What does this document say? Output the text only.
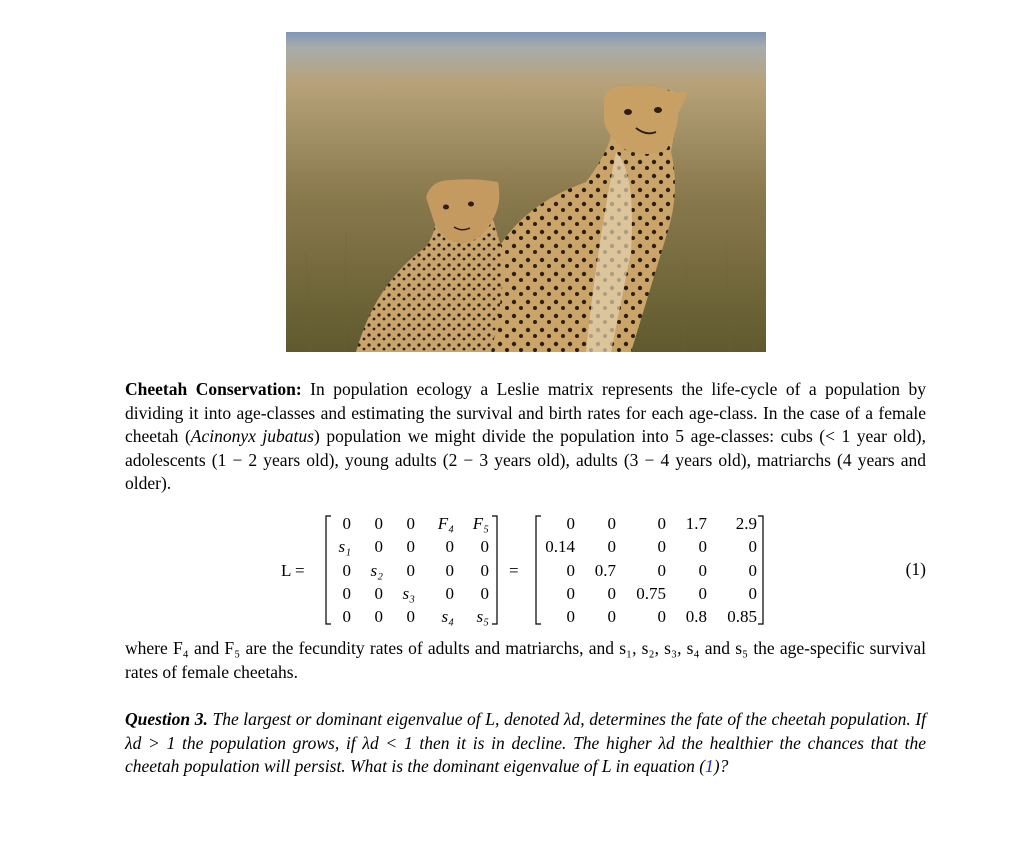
Cheetah Conservation: In population ecology a Leslie matrix represents the life-cycle of a population by dividing it into age-classes and estimating the survival and birth rates for each age-class. In the case of a female cheetah (Acinonyx jubatus) population we might divide the population into 5 age-classes: cubs (< 1 year old), adolescents (1 − 2 years old), young adults (2 − 3 years old), adults (3 − 4 years old), matriarchs (4 years and older).
L =
0 0 0 F₄ F₅
s₁ 0 0 0 0
0 s₂ 0 0 0
0 0 s₃ 0 0
0 0 0 s₄ s₅
=
0 0 0 1.7 2.9
0.14 0 0 0 0
0 0.7 0 0 0
0 0 0.75 0 0
0 0 0 0.8 0.85
(1)
where F₄ and F₅ are the fecundity rates of adults and matriarchs, and s₁, s₂, s₃, s₄ and s₅ the age-specific survival rates of female cheetahs.
Question 3. The largest or dominant eigenvalue of L, denoted λd, determines the fate of the cheetah population. If λd > 1 the population grows, if λd < 1 then it is in decline. The higher λd the healthier the chances that the cheetah population will persist. What is the dominant eigenvalue of L in equation (1)?
